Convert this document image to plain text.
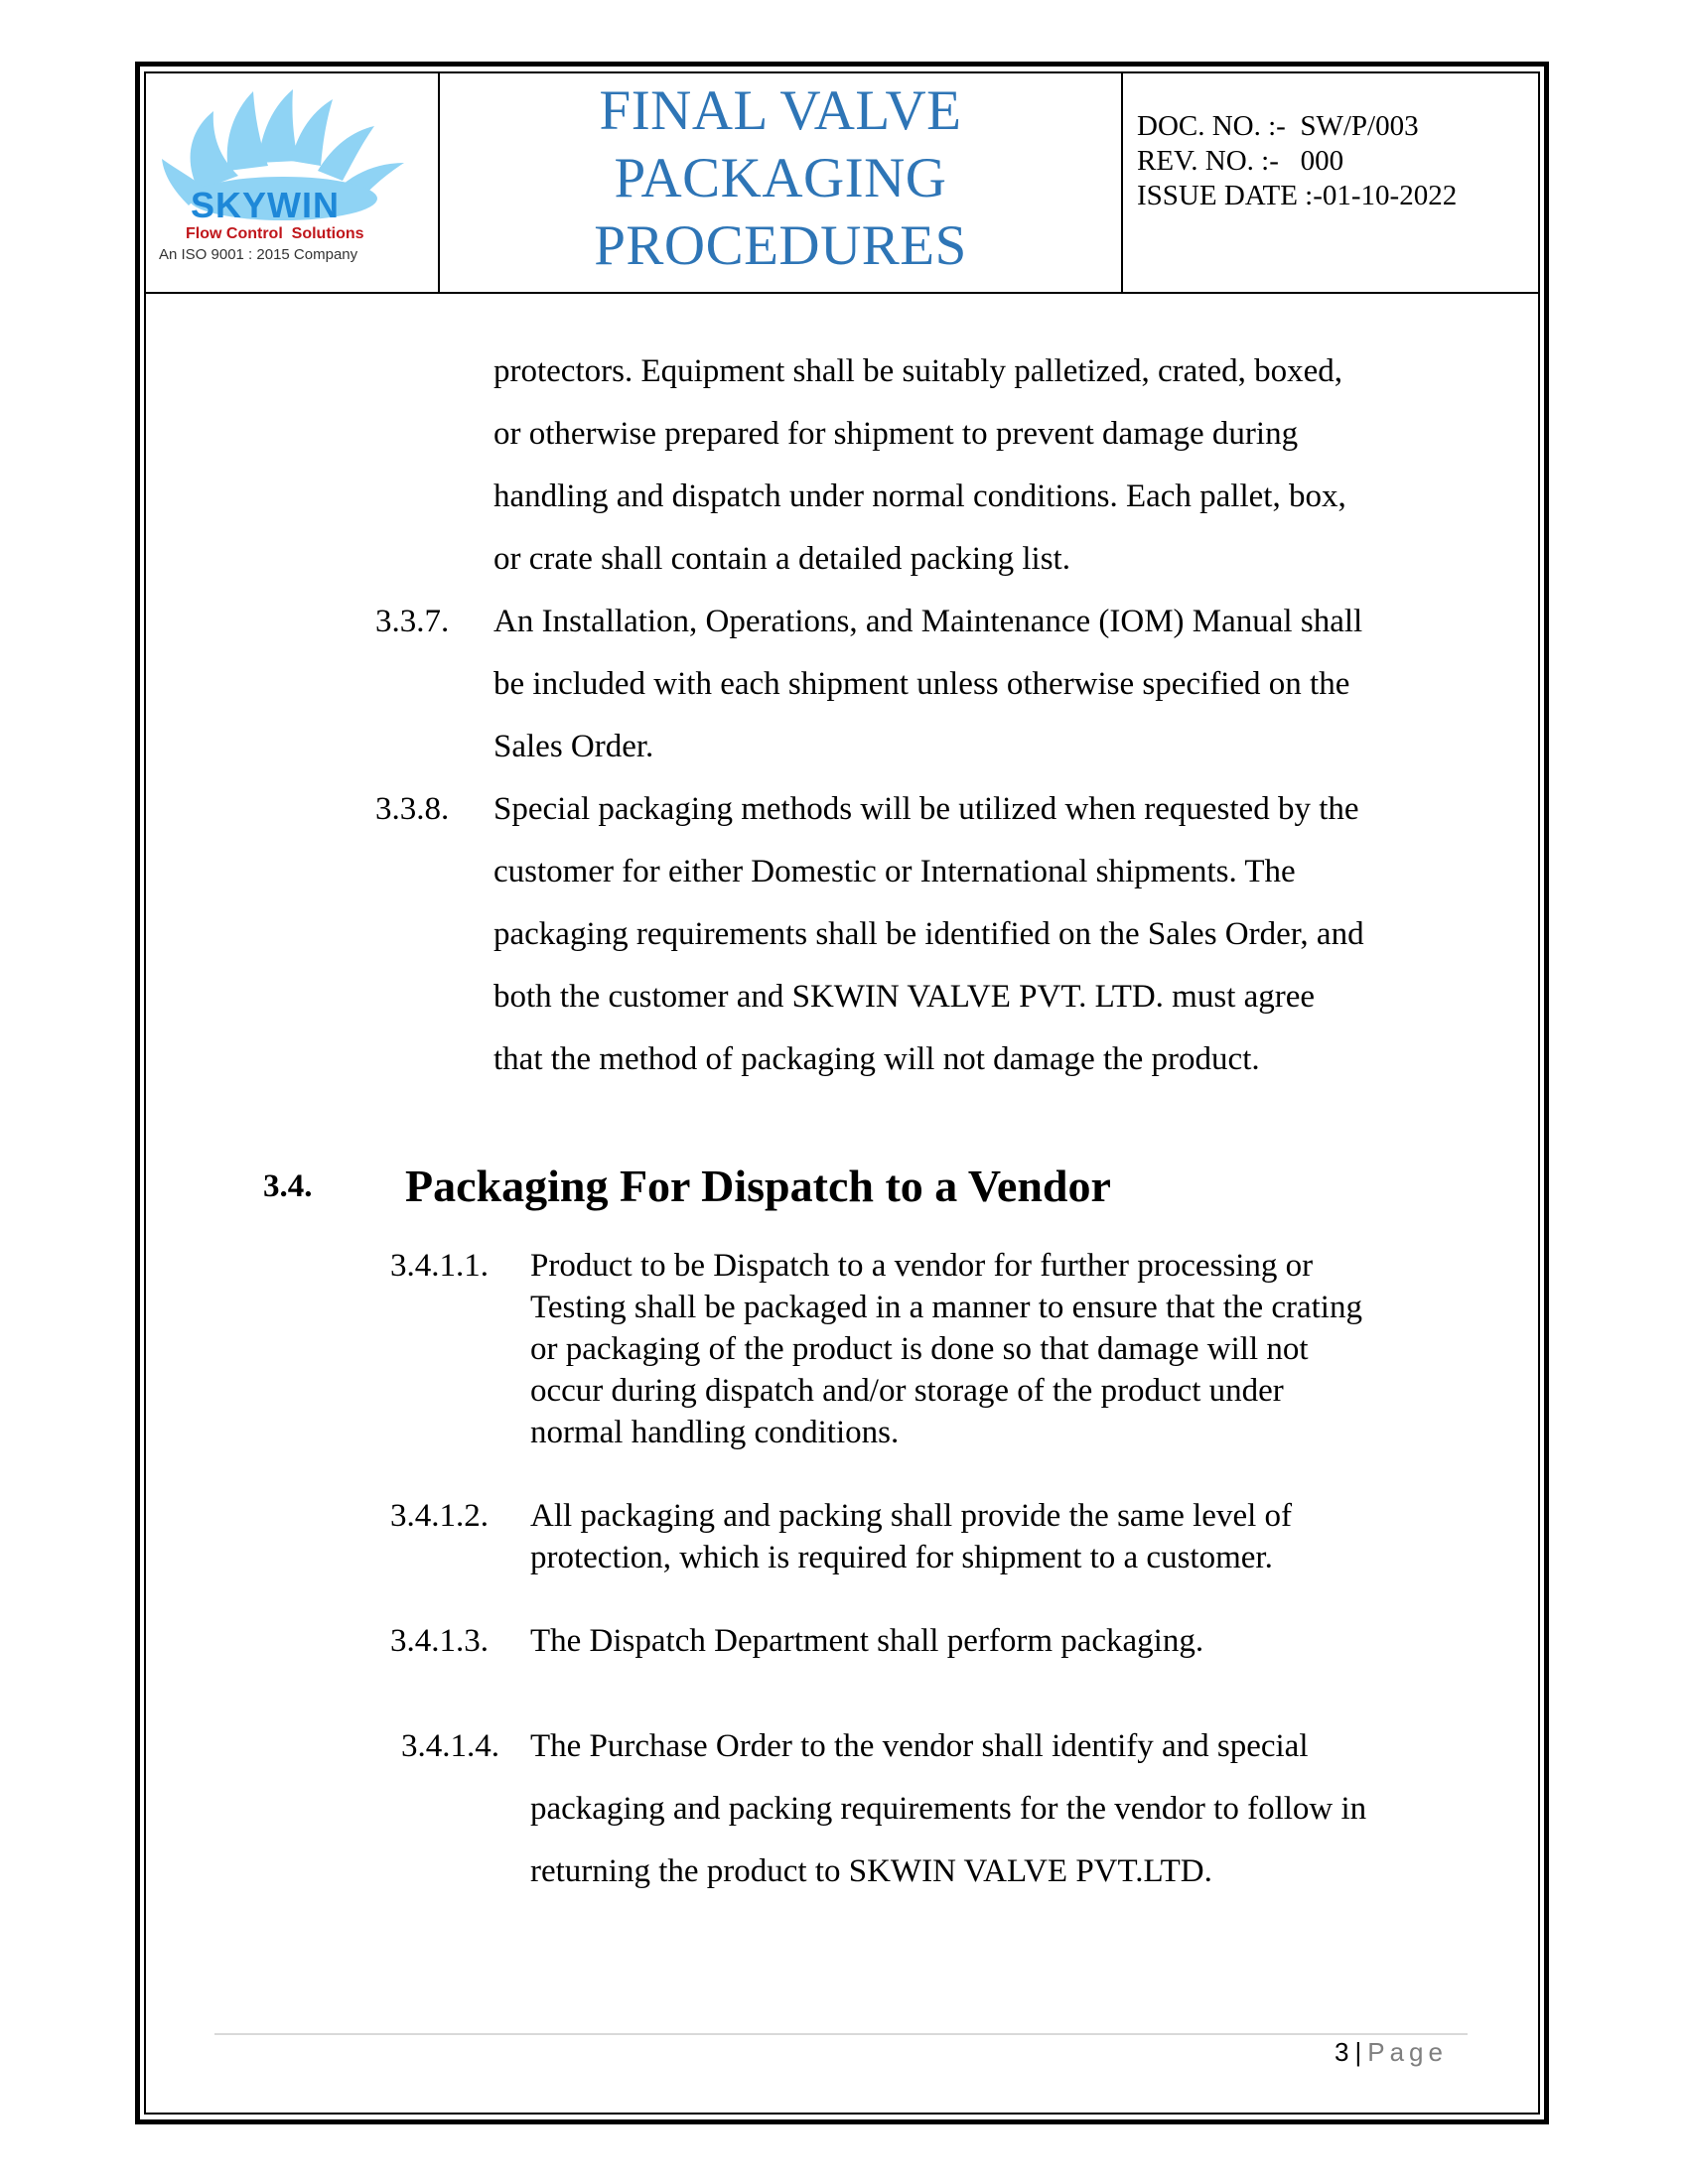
SKYWIN
Flow Control  Solutions
An ISO 9001 : 2015 Company
FINAL VALVE
PACKAGING
PROCEDURES
DOC. NO. :-  SW/P/003
REV. NO. :-   000
ISSUE DATE :-01-10-2022
protectors. Equipment shall be suitably palletized, crated, boxed,
or otherwise prepared for shipment to prevent damage during
handling and dispatch under normal conditions. Each pallet, box,
or crate shall contain a detailed packing list.
3.3.7. An Installation, Operations, and Maintenance (IOM) Manual shall
be included with each shipment unless otherwise specified on the
Sales Order.
3.3.8. Special packaging methods will be utilized when requested by the
customer for either Domestic or International shipments. The
packaging requirements shall be identified on the Sales Order, and
both the customer and SKWIN VALVE PVT. LTD. must agree
that the method of packaging will not damage the product.
3.4. Packaging For Dispatch to a Vendor
3.4.1.1. Product to be Dispatch to a vendor for further processing or
Testing shall be packaged in a manner to ensure that the crating
or packaging of the product is done so that damage will not
occur during dispatch and/or storage of the product under
normal handling conditions.
3.4.1.2. All packaging and packing shall provide the same level of
protection, which is required for shipment to a customer.
3.4.1.3. The Dispatch Department shall perform packaging.
3.4.1.4. The Purchase Order to the vendor shall identify and special
packaging and packing requirements for the vendor to follow in
returning the product to SKWIN VALVE PVT.LTD.
3 | Page
